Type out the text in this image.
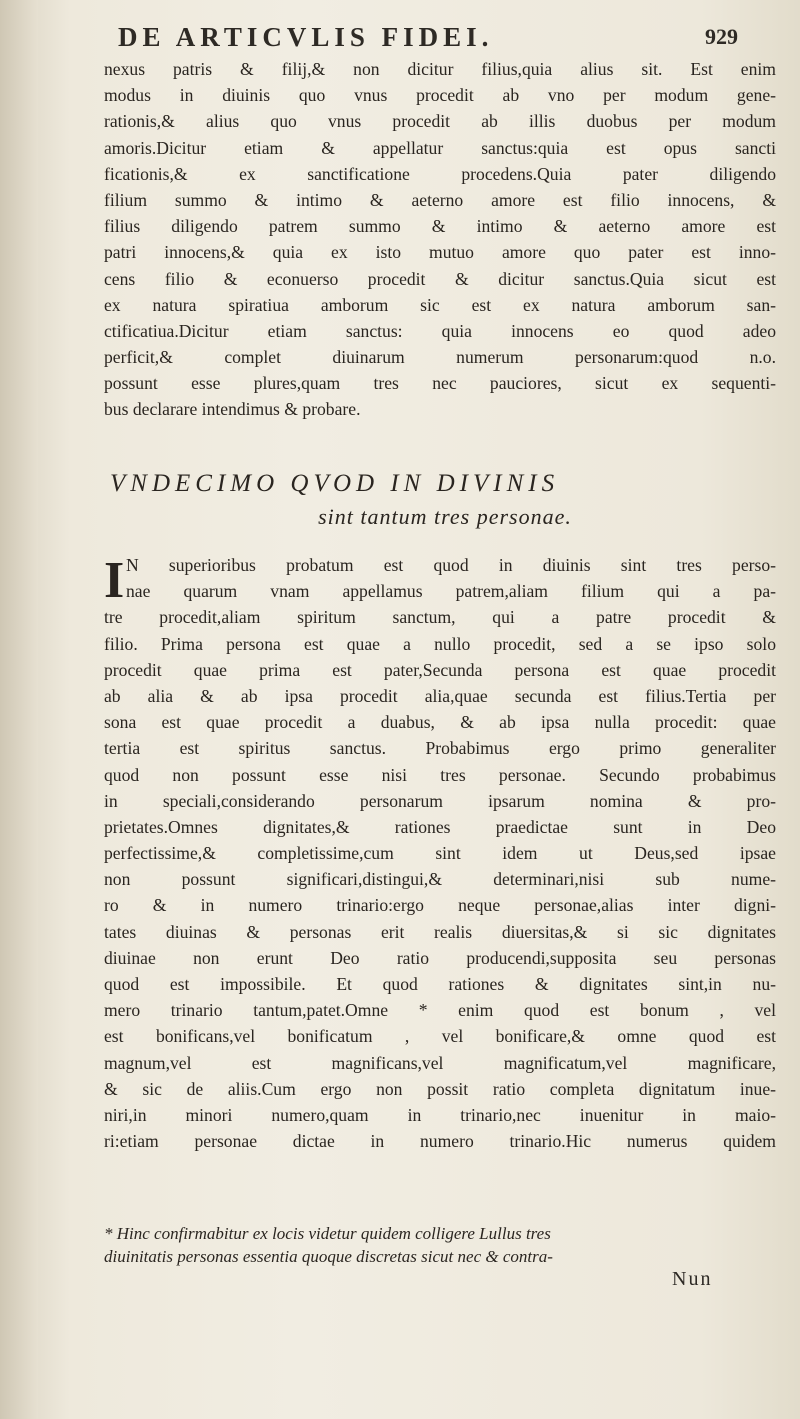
DE ARTICVLIS FIDEI.	929
nexus patris & filij,& non dicitur filius,quia alius sit. Est enim
modus in diuinis quo vnus procedit ab vno per modum gene-
rationis,& alius quo vnus procedit ab illis duobus per modum
amoris.Dicitur etiam & appellatur sanctus:quia est opus sancti
ficationis,& ex sanctificatione procedens.Quia pater diligendo
filium summo & intimo & aeterno amore est filio innocens, &
filius diligendo patrem summo & intimo & aeterno amore est
patri innocens,& quia ex isto mutuo amore quo pater est inno-
cens filio & econuerso procedit & dicitur sanctus.Quia sicut est
ex natura spiratiua amborum sic est ex natura amborum san-
ctificatiua.Dicitur etiam sanctus: quia innocens eo quod adeo
perficit,& complet diuinarum numerum personarum:quod n.o.
possunt esse plures,quam tres nec pauciores, sicut ex sequenti-
bus declarare intendimus & probare.
VNDECIMO QVOD IN DIVINIS
sint tantum tres personae.
I N superioribus probatum est quod in diuinis sint tres perso-
nae quarum vnam appellamus patrem,aliam filium qui a pa-
tre procedit,aliam spiritum sanctum, qui a patre procedit &
filio. Prima persona est quae a nullo procedit, sed a se ipso solo
procedit quae prima est pater,Secunda persona est quae procedit
ab alia & ab ipsa procedit alia,quae secunda est filius.Tertia per
sona est quae procedit a duabus, & ab ipsa nulla procedit: quae
tertia est spiritus sanctus. Probabimus ergo primo generaliter
quod non possunt esse nisi tres personae. Secundo probabimus
in speciali,considerando personarum ipsarum nomina & pro-
prietates.Omnes dignitates,& rationes praedictae sunt in Deo
perfectissime,& completissime,cum sint idem ut Deus,sed ipsae
non possunt significari,distingui,& determinari,nisi sub nume-
ro & in numero trinario:ergo neque personae,alias inter digni-
tates diuinas & personas erit realis diuersitas,& si sic dignitates
diuinae non erunt Deo ratio producendi,supposita seu personas
quod est impossibile. Et quod rationes & dignitates sint,in nu-
mero trinario tantum,patet.Omne * enim quod est bonum , vel
est bonificans,vel bonificatum , vel bonificare,& omne quod est
magnum,vel est magnificans,vel magnificatum,vel magnificare,
& sic de aliis.Cum ergo non possit ratio completa dignitatum inue-
niri,in minori numero,quam in trinario,nec inuenitur in maio-
ri:etiam personae dictae in numero trinario.Hic numerus quidem
* Hinc confirmabitur ex locis videtur quidem colligere Lullus tres
diuinitatis personas essentia quoque discretas sicut nec & contra-
Nun
